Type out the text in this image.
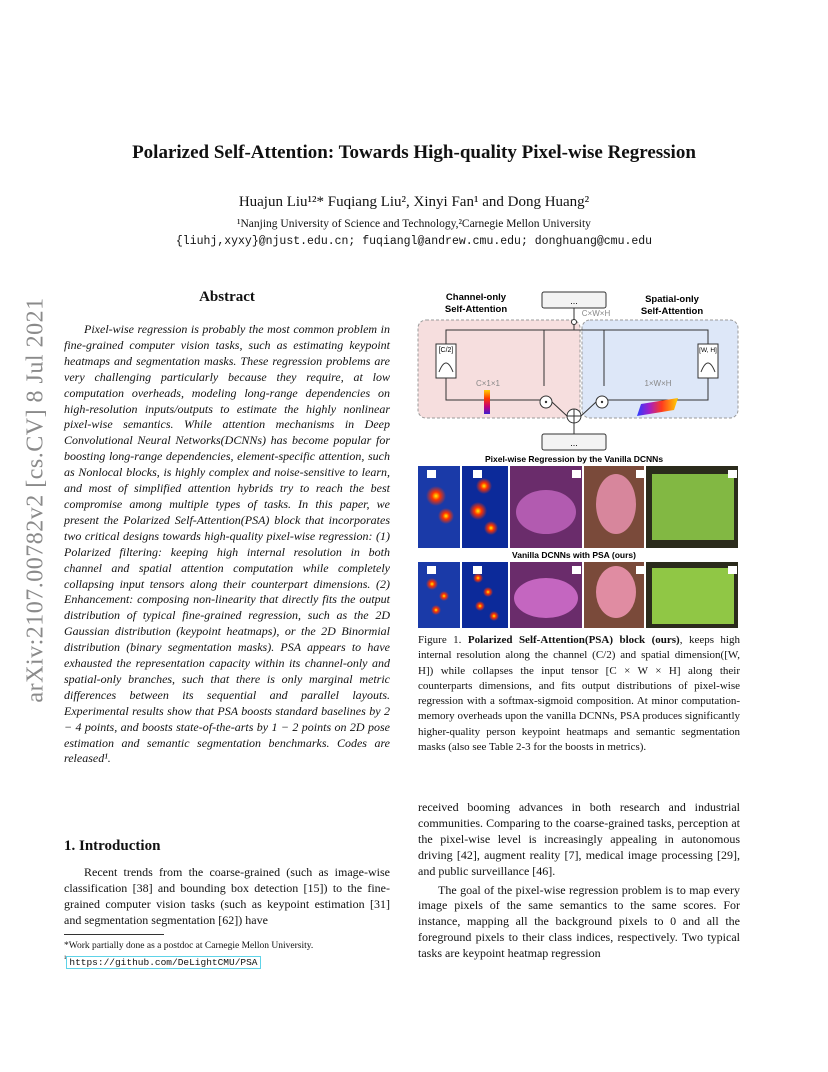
arXiv:2107.00782v2 [cs.CV] 8 Jul 2021
Polarized Self-Attention: Towards High-quality Pixel-wise Regression
Huajun Liu¹²* Fuqiang Liu², Xinyi Fan¹ and Dong Huang²
¹Nanjing University of Science and Technology,²Carnegie Mellon University
{liuhj,xyxy}@njust.edu.cn; fuqiangl@andrew.cmu.edu; donghuang@cmu.edu
Abstract
Pixel-wise regression is probably the most common problem in fine-grained computer vision tasks, such as estimating keypoint heatmaps and segmentation masks. These regression problems are very challenging particularly because they require, at low computation overheads, modeling long-range dependencies on high-resolution inputs/outputs to estimate the highly nonlinear pixel-wise semantics. While attention mechanisms in Deep Convolutional Neural Networks(DCNNs) has become popular for boosting long-range dependencies, element-specific attention, such as Nonlocal blocks, is highly complex and noise-sensitive to learn, and most of simplified attention hybrids try to reach the best compromise among multiple types of tasks. In this paper, we present the Polarized Self-Attention(PSA) block that incorporates two critical designs towards high-quality pixel-wise regression: (1) Polarized filtering: keeping high internal resolution in both channel and spatial attention computation while completely collapsing input tensors along their counterpart dimensions. (2) Enhancement: composing non-linearity that directly fits the output distribution of typical fine-grained regression, such as the 2D Gaussian distribution (keypoint heatmaps), or the 2D Binormial distribution (binary segmentation masks). PSA appears to have exhausted the representation capacity within its channel-only and spatial-only branches, such that there is only marginal metric differences between its sequential and parallel layouts. Experimental results show that PSA boosts standard baselines by 2 − 4 points, and boosts state-of-the-arts by 1 − 2 points on 2D pose estimation and semantic segmentation benchmarks. Codes are released¹.
1. Introduction
Recent trends from the coarse-grained (such as image-wise classification [38] and bounding box detection [15]) to the fine-grained computer vision tasks (such as keypoint estimation [31] and segmentation segmentation [62]) have
*Work partially done as a postdoc at Carnegie Mellon University.
$^{^1}$ https://github.com/DeLightCMU/PSA
Channel-only
Self-Attention
Spatial-only
Self-Attention
...
C×W×H
[C/2]
C×1×1
[W, H]
1×W×H
...
Pixel-wise Regression by the Vanilla DCNNs
Vanilla DCNNs with PSA (ours)
Figure 1. Polarized Self-Attention(PSA) block (ours), keeps high internal resolution along the channel (C/2) and spatial dimension([W, H]) while collapses the input tensor [C × W × H] along their counterparts dimensions, and fits output distributions of pixel-wise regression with a softmax-sigmoid composition. At minor computation-memory overheads upon the vanilla DCNNs, PSA produces significantly higher-quality person keypoint heatmaps and semantic segmentation masks (also see Table 2-3 for the boosts in metrics).

received booming advances in both research and industrial communities. Comparing to the coarse-grained tasks, perception at the pixel-wise level is increasingly appealing in autonomous driving [42], augment reality [7], medical image processing [29], and public surveillance [46].

The goal of the pixel-wise regression problem is to map every image pixels of the same semantics to the same scores. For instance, mapping all the background pixels to 0 and all the foreground pixels to their class indices, respectively. Two typical tasks are keypoint heatmap regression
